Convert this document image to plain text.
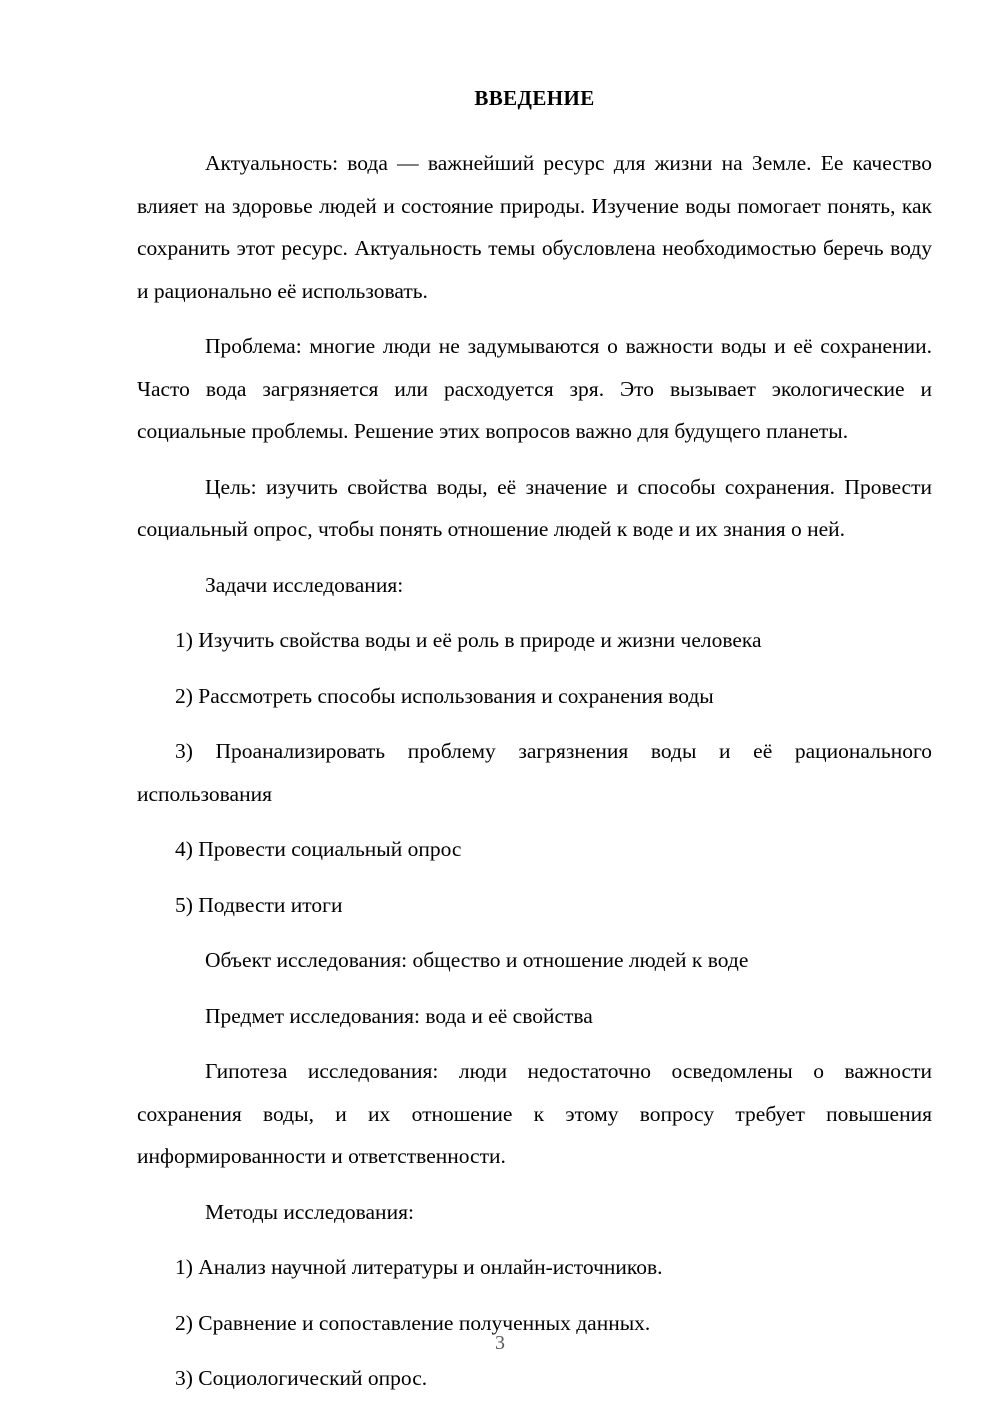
ВВЕДЕНИЕ

Актуальность: вода — важнейший ресурс для жизни на Земле. Ее качество влияет на здоровье людей и состояние природы. Изучение воды помогает понять, как сохранить этот ресурс. Актуальность темы обусловлена необходимостью беречь воду и рационально её использовать.

Проблема: многие люди не задумываются о важности воды и её сохранении. Часто вода загрязняется или расходуется зря. Это вызывает экологические и социальные проблемы. Решение этих вопросов важно для будущего планеты.

Цель: изучить свойства воды, её значение и способы сохранения. Провести социальный опрос, чтобы понять отношение людей к воде и их знания о ней.

Задачи исследования:

1) Изучить свойства воды и её роль в природе и жизни человека

2) Рассмотреть способы использования и сохранения воды

3) Проанализировать проблему загрязнения воды и её рационального использования

4) Провести социальный опрос

5) Подвести итоги

Объект исследования: общество и отношение людей к воде

Предмет исследования: вода и её свойства

Гипотеза исследования: люди недостаточно осведомлены о важности сохранения воды, и их отношение к этому вопросу требует повышения информированности и ответственности.

Методы исследования:

1) Анализ научной литературы и онлайн-источников.

2) Сравнение и сопоставление полученных данных.

3) Социологический опрос.

3
